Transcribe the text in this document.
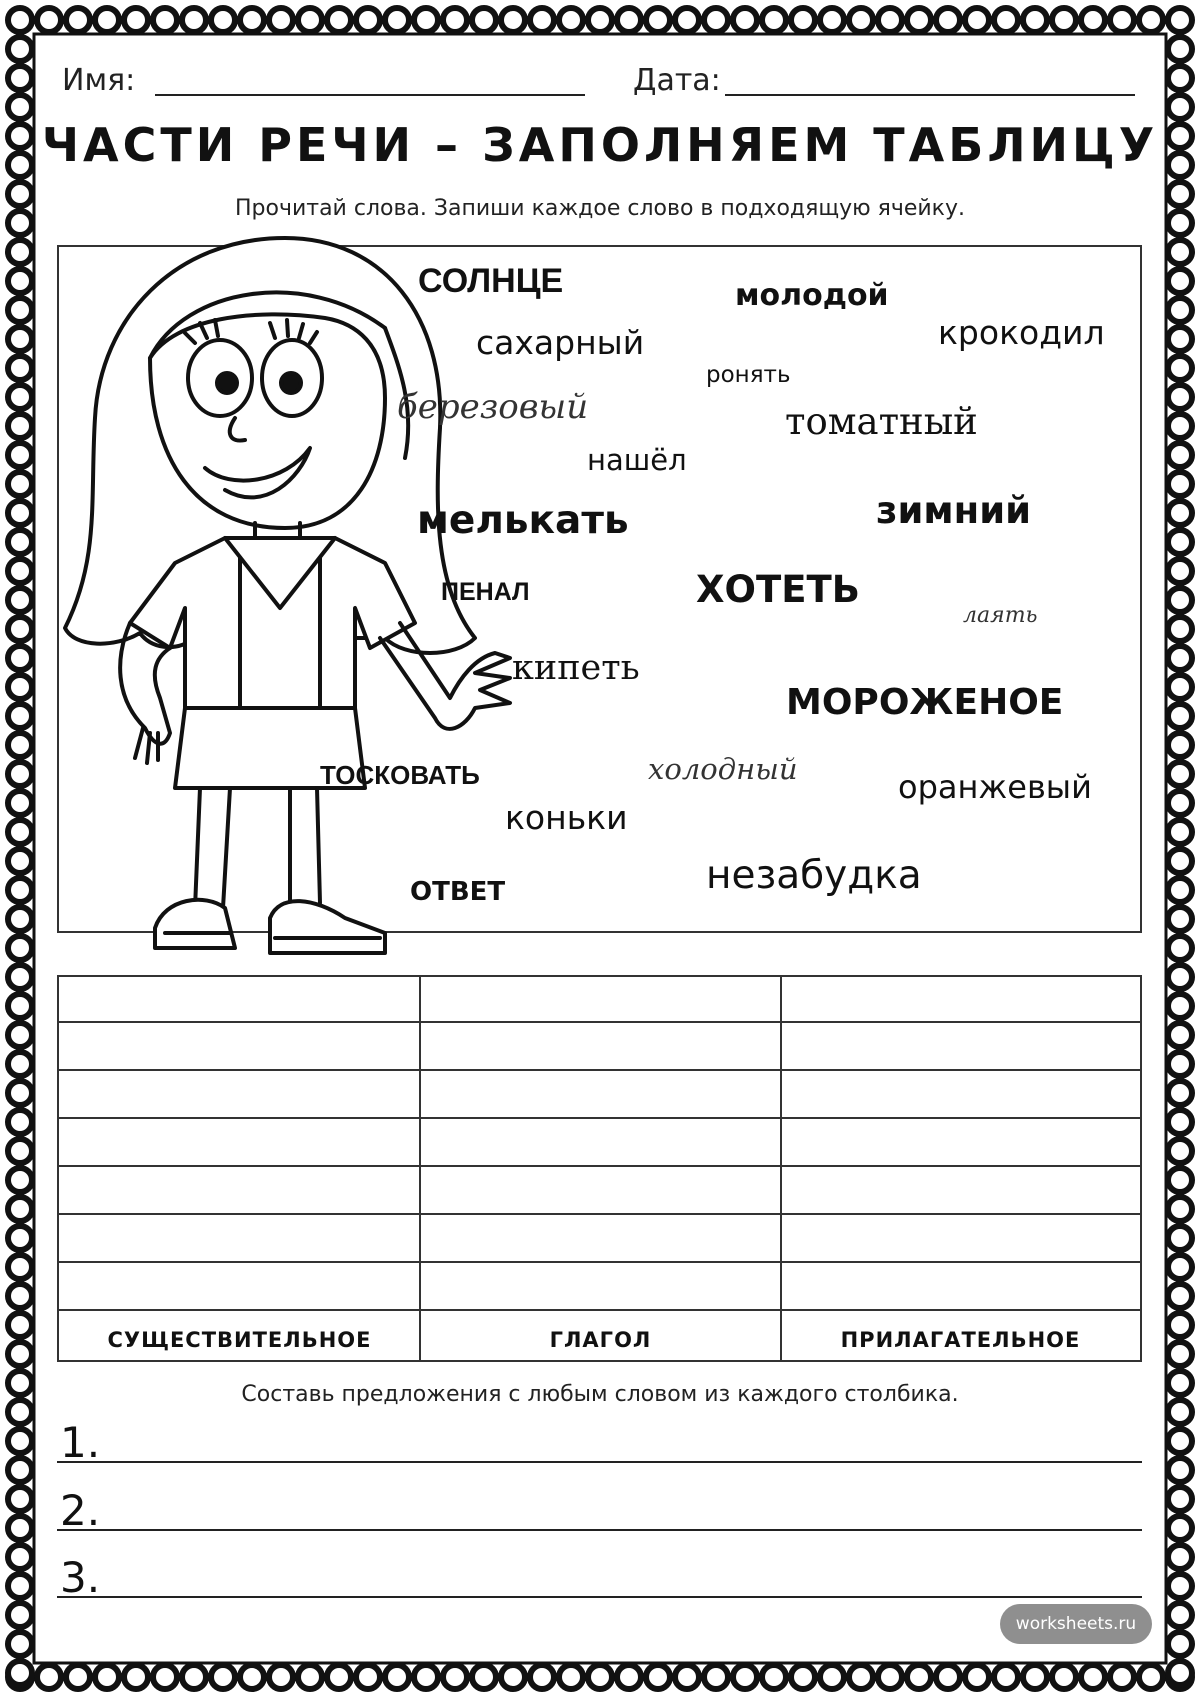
Имя:	Дата:
ЧАСТИ РЕЧИ – ЗАПОЛНЯЕМ ТАБЛИЦУ
Прочитай слова. Запиши каждое слово в подходящую ячейку.
СОЛНЦЕ	молодой
сахарный	крокодил
ронять
березовый	томатный
нашёл
мелькать	зимний
ПЕНАЛ	ХОТЕТЬ
лаять
кипеть
МОРОЖЕНОЕ
ТОСКОВАТЬ	холодный	оранжевый
коньки
ОТВЕТ	незабудка
СУЩЕСТВИТЕЛЬНОЕ	ГЛАГОЛ	ПРИЛАГАТЕЛЬНОЕ
Составь предложения с любым словом из каждого столбика.
1.
2.
3.
worksheets.ru
